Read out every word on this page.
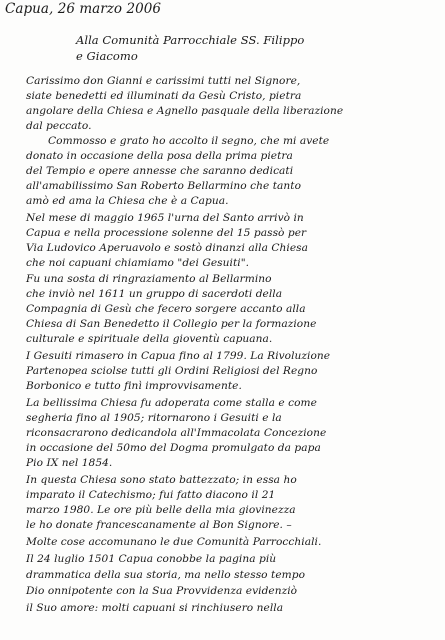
Capua, 26 marzo 2006
Alla Comunità Parrocchiale SS. Filippo
e Giacomo
Carissimo don Gianni e carissimi tutti nel Signore,
siate benedetti ed illuminati da Gesù Cristo, pietra
angolare della Chiesa e Agnello pasquale della liberazione
dal peccato.
Commosso e grato ho accolto il segno, che mi avete
donato in occasione della posa della prima pietra
del Tempio e opere annesse che saranno dedicati
all'amabilissimo San Roberto Bellarmino che tanto
amò ed ama la Chiesa che è a Capua.
Nel mese di maggio 1965 l'urna del Santo arrivò in
Capua e nella processione solenne del 15 passò per
Via Ludovico Aperuavolo e sostò dinanzi alla Chiesa
che noi capuani chiamiamo "dei Gesuiti".
Fu una sosta di ringraziamento al Bellarmino
che inviò nel 1611 un gruppo di sacerdoti della
Compagnia di Gesù che fecero sorgere accanto alla
Chiesa di San Benedetto il Collegio per la formazione
culturale e spirituale della gioventù capuana.
I Gesuiti rimasero in Capua fino al 1799. La Rivoluzione
Partenopea sciolse tutti gli Ordini Religiosi del Regno
Borbonico e tutto finì improvvisamente.
La bellissima Chiesa fu adoperata come stalla e come
segheria fino al 1905; ritornarono i Gesuiti e la
riconsacrarono dedicandola all'Immacolata Concezione
in occasione del 50mo del Dogma promulgato da papa
Pio IX nel 1854.
In questa Chiesa sono stato battezzato; in essa ho
imparato il Catechismo; fui fatto diacono il 21
marzo 1980. Le ore più belle della mia giovinezza
le ho donate francescanamente al Bon Signore. –
Molte cose accomunano le due Comunità Parrocchiali.
Il 24 luglio 1501 Capua conobbe la pagina più
drammatica della sua storia, ma nello stesso tempo
Dio onnipotente con la Sua Provvidenza evidenziò
il Suo amore: molti capuani si rinchiusero nella
